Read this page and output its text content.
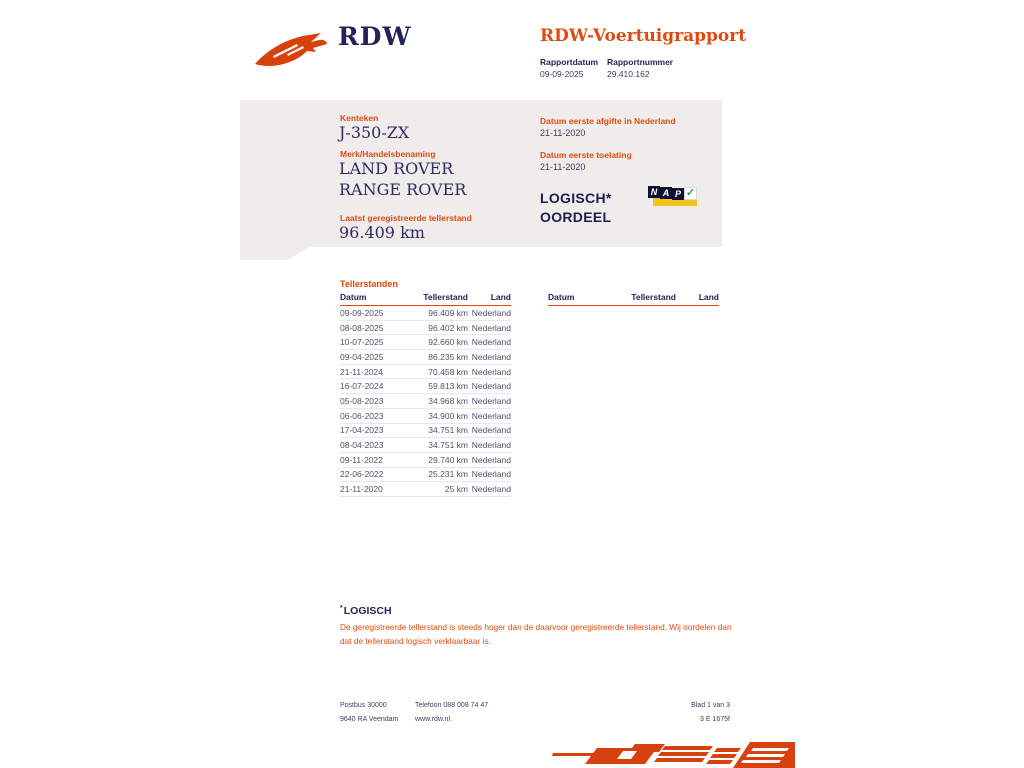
RDW	RDW-Voertuigrapport
Rapportdatum Rapportnummer
09-09-2025	29.410.162
Kenteken
J-350-ZX
Merk/Handelsbenaming
LAND ROVER
RANGE ROVER
Laatst geregistreerde tellerstand
96.409 km
Datum eerste afgifte in Nederland
21-11-2020
Datum eerste toelating
21-11-2020
LOGISCH*
OORDEEL
N A P ✓
Tellerstanden
Datum	Tellerstand	Land
09-09-2025	96.409 km	Nederland
08-08-2025	96.402 km	Nederland
10-07-2025	92.660 km	Nederland
09-04-2025	86.235 km	Nederland
21-11-2024	70.458 km	Nederland
16-07-2024	59.813 km	Nederland
05-08-2023	34.968 km	Nederland
06-06-2023	34.900 km	Nederland
17-04-2023	34.751 km	Nederland
08-04-2023	34.751 km	Nederland
09-11-2022	29.740 km	Nederland
22-06-2022	25.231 km	Nederland
21-11-2020	25 km	Nederland
Datum	Tellerstand	Land
*LOGISCH
De geregistreerde tellerstand is steeds hoger dan de daarvoor geregistreerde tellerstand. Wij oordelen dan dat de tellerstand logisch verklaarbaar is.
Postbus 30000
9640 RA Veendam
Telefoon 088 008 74 47
www.rdw.nl
Blad 1 van 3
3 E 1675f
